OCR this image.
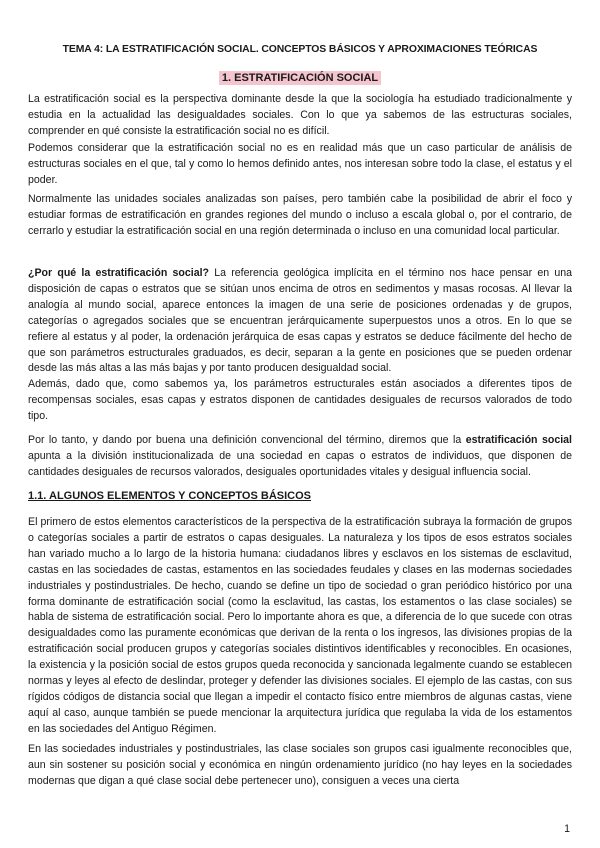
TEMA 4: LA ESTRATIFICACIÓN SOCIAL. CONCEPTOS BÁSICOS Y APROXIMACIONES TEÓRICAS
1. ESTRATIFICACIÓN SOCIAL

La estratificación social es la perspectiva dominante desde la que la sociología ha estudiado tradicionalmente y estudia en la actualidad las desigualdades sociales. Con lo que ya sabemos de las estructuras sociales, comprender en qué consiste la estratificación social no es difícil.

Podemos considerar que la estratificación social no es en realidad más que un caso particular de análisis de estructuras sociales en el que, tal y como lo hemos definido antes, nos interesan sobre todo la clase, el estatus y el poder.

Normalmente las unidades sociales analizadas son países, pero también cabe la posibilidad de abrir el foco y estudiar formas de estratificación en grandes regiones del mundo o incluso a escala global o, por el contrario, de cerrarlo y estudiar la estratificación social en una región determinada o incluso en una comunidad local particular.

¿Por qué la estratificación social? La referencia geológica implícita en el término nos hace pensar en una disposición de capas o estratos que se sitúan unos encima de otros en sedimentos y masas rocosas. Al llevar la analogía al mundo social, aparece entonces la imagen de una serie de posiciones ordenadas y de grupos, categorías o agregados sociales que se encuentran jerárquicamente superpuestos unos a otros. En lo que se refiere al estatus y al poder, la ordenación jerárquica de esas capas y estratos se deduce fácilmente del hecho de que son parámetros estructurales graduados, es decir, separan a la gente en posiciones que se pueden ordenar desde las más altas a las más bajas y por tanto producen desigualdad social.

Además, dado que, como sabemos ya, los parámetros estructurales están asociados a diferentes tipos de recompensas sociales, esas capas y estratos disponen de cantidades desiguales de recursos valorados de todo tipo.

Por lo tanto, y dando por buena una definición convencional del término, diremos que la estratificación social apunta a la división institucionalizada de una sociedad en capas o estratos de individuos, que disponen de cantidades desiguales de recursos valorados, desiguales oportunidades vitales y desigual influencia social.

1.1. ALGUNOS ELEMENTOS Y CONCEPTOS BÁSICOS

El primero de estos elementos característicos de la perspectiva de la estratificación subraya la formación de grupos o categorías sociales a partir de estratos o capas desiguales. La naturaleza y los tipos de esos estratos sociales han variado mucho a lo largo de la historia humana: ciudadanos libres y esclavos en los sistemas de esclavitud, castas en las sociedades de castas, estamentos en las sociedades feudales y clases en las modernas sociedades industriales y postindustriales. De hecho, cuando se define un tipo de sociedad o gran periódico histórico por una forma dominante de estratificación social (como la esclavitud, las castas, los estamentos o las clase sociales) se habla de sistema de estratificación social. Pero lo importante ahora es que, a diferencia de lo que sucede con otras desigualdades como las puramente económicas que derivan de la renta o los ingresos, las divisiones propias de la estratificación social producen grupos y categorías sociales distintivos identificables y reconocibles. En ocasiones, la existencia y la posición social de estos grupos queda reconocida y sancionada legalmente cuando se establecen normas y leyes al efecto de deslindar, proteger y defender las divisiones sociales. El ejemplo de las castas, con sus rígidos códigos de distancia social que llegan a impedir el contacto físico entre miembros de algunas castas, viene aquí al caso, aunque también se puede mencionar la arquitectura jurídica que regulaba la vida de los estamentos en las sociedades del Antiguo Régimen.

En las sociedades industriales y postindustriales, las clase sociales son grupos casi igualmente reconocibles que, aun sin sostener su posición social y económica en ningún ordenamiento jurídico (no hay leyes en la sociedades modernas que digan a qué clase social debe pertenecer uno), consiguen a veces una cierta

1
